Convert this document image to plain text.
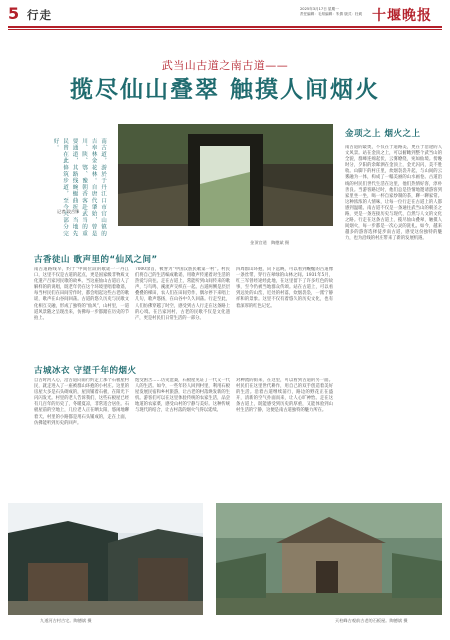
5 行走	2025年3月17日 星期一
责任编辑：毛易编辑：朱倩 版式：杜莉 十堰晚报
武当山古道之南古道——
揽尽仙山叠翠 触摸人间烟火
南古道，游於于丹江口市官山镇的吉奉林金花林。自唐代肇始，曾是川、陕、鄂、豫朝香客赴武当的重要通道，其路线蜿蜒曲折，当地先民曾在此修筑步道，至今大部分完好。
记者 段吉锋
金顶官道　陶德斌 摄
古香徒山 歌声里的“仙风之间”
南古道路线早，约于“中间位段的歌谣一一丹江口，这里不仅是古道的起点，更是国家级非物质文化遗产吕家河民歌的故乡。当这座仙山古道后人了解样的的说唱，既老年仍在这个环境里唱着歌谣，每当村民们在田间劳作时，都会唱起这些古老的歌谣，歌声在山谷间回荡。古道的悠久历史与民歌文化相互交融，形成了独特的“仙风”，山村里，一道道风景随之呈现出来，仿佛每一步都踏在历史的节拍上。
7000余首，被誉为“中国汉族民歌第一村”。村民们将自己的生活编成歌谣，用歌声传递着对生活的热爱与向往。走在古道上，常能听到山间传来的歌声，与鸟鸣、溪流声交织在一起。古道两侧是层层叠叠的梯田，农人们在田间劳作，偶尔停下来唱上几句，歌声悠扬，在山谷中久久回荡。行走至此，人们仿佛穿越了时空，感受到古人行走在这条路上的心境。在吕家河村，古老的民歌不仅是文化遗产，更是村民们日常生活的一部分。
四周群山环抱，向下远眺，可以看到蜿蜒的古道像一条丝带，穿行在翠绿的山林之间。1931年5月，红三军曾经途经此地，在这里留下了许多红色的故事，至今仍被当地群众传颂。站在古道上，可以看到远处的山峦，近处的村落，炊烟袅袅，一派宁静祥和的景象。这里不仅有着悠久的历史文化，也有着深厚的红色记忆。
古城冰衣 守望千年的烟火
自古时河人心，沿古道向南行约走上那个石板屋村民，就走进入了一座被群山环抱的小村庄。这里的房屋大多是石头砌成的，屋顶铺着石板，在阳光下闪闪发光。村里的老人告诉我们，这些石板屋已经有几百年的历史了，冬暖夏凉，非常适合居住。石板屋前的空地上，几位老人正在晒太阳，悠闲地聊着天。村里的小路都是用石头铺成的，走在上面，仿佛能听到历史的回声。
饱受困苦……历史沧桑，石板屋见证了一代又一代人的生活。如今，一些年轻人回到村里，利用石板屋发展民宿和乡村旅游，让古老的村落焕发新的生机。游客们可以在这里体验传统的农家生活，品尝地道的农家菜，感受山村的宁静与美好。这种传统与现代的结合，让古村落的烟火气得以延续。
对种流的街来，在这里，可以看到古道的另一面。村民们在这里世代耕作，用自己的双手创造着美好的生活。沿着古道继续前行，路边的野花正在盛开，清新的空气扑面而来，让人心旷神怡。走在这条古道上，既能感受到历史的厚重，又能体验到山村生活的宁静，这便是南古道独特的魅力所在。
金项之上 烟火之上
南古道的最奥，不仅在于道路美，更在于沿途的人文风景。站在金顶之上，可以俯瞰到整个武当山的全貌，群峰连绵起伏，云雾缭绕，宛如仙境。傍晚时分，夕阳的余晖洒在金顶上，金光闪闪，美不胜收。山脚下的村庄里，炊烟袅袅升起，与山间的云雾融为一体，构成了一幅美丽的山水画卷。古道沿线的村民们世代生活在这里，他们热情好客，淳朴善良。当游客路过时，他们总是热情地邀请游客到家里坐一坐，喝一杯自家炒制的茶，聊一聊家常。这种浓浓的人情味，让每一位行走在古道上的人都感到温暖。南古道不仅是一条通往武当山的朝圣之路，更是一条连接历史与现代、自然与人文的文化之路。行走在这条古道上，揽尽仙山叠翠，触摸人间烟火，每一步都是一次心灵的洗礼。如今，越来越多的游客选择徒步南古道，感受这份独特的魅力，也为沿线的村庄带来了新的发展机遇。
九道河古村古宅。陶德斌 摄	天柱峰古观前古老的石板屋。陶德斌 摄
